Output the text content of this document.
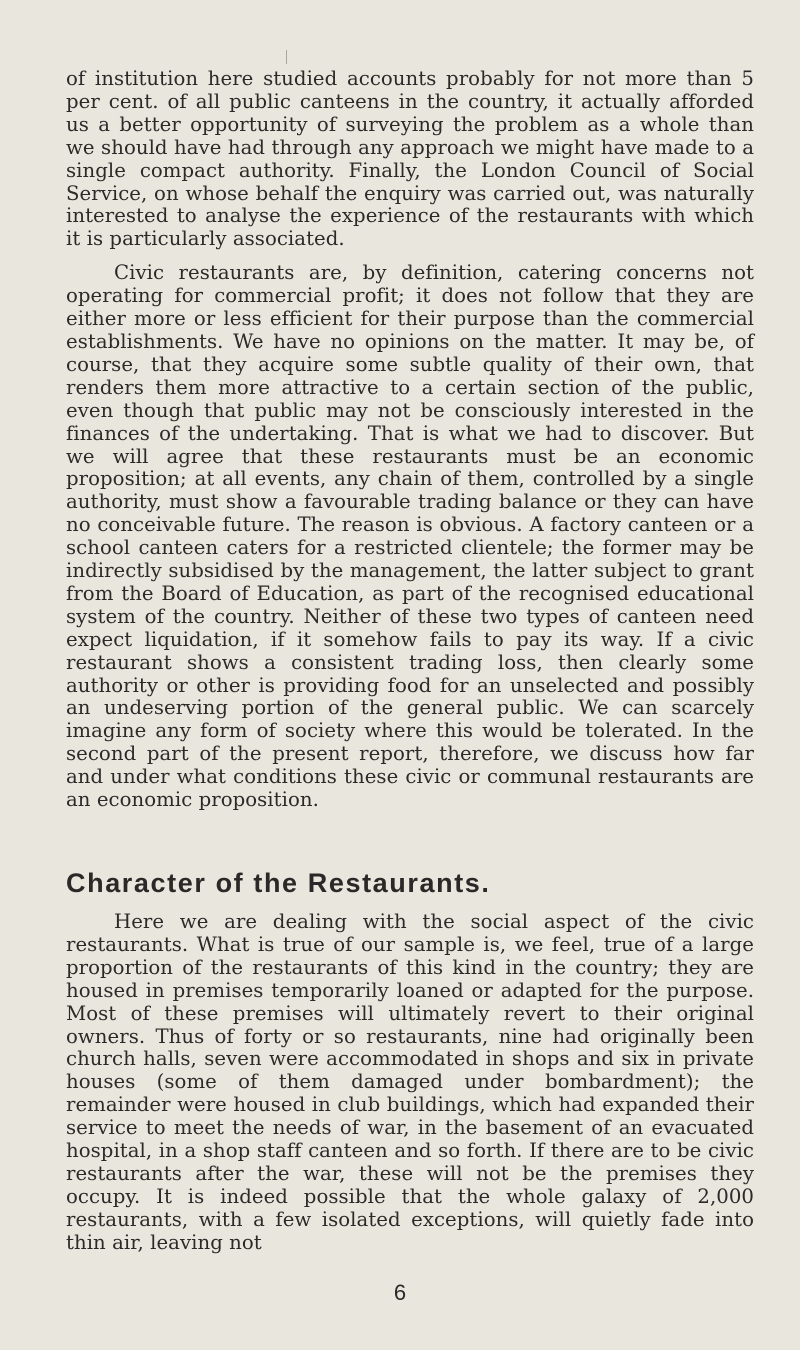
of institution here studied accounts probably for not more than 5 per cent. of all public canteens in the country, it actually afforded us a better opportunity of surveying the problem as a whole than we should have had through any approach we might have made to a single compact authority. Finally, the London Council of Social Service, on whose behalf the enquiry was carried out, was naturally interested to analyse the experience of the restaurants with which it is particularly associated.

Civic restaurants are, by definition, catering concerns not operating for commercial profit; it does not follow that they are either more or less efficient for their purpose than the commercial establishments. We have no opinions on the matter. It may be, of course, that they acquire some subtle quality of their own, that renders them more attractive to a certain section of the public, even though that public may not be consciously interested in the finances of the undertaking. That is what we had to discover. But we will agree that these restaurants must be an economic proposition; at all events, any chain of them, controlled by a single authority, must show a favourable trading balance or they can have no conceivable future. The reason is obvious. A factory canteen or a school canteen caters for a restricted clientele; the former may be indirectly subsidised by the management, the latter subject to grant from the Board of Education, as part of the recognised educational system of the country. Neither of these two types of canteen need expect liquidation, if it somehow fails to pay its way. If a civic restaurant shows a consistent trading loss, then clearly some authority or other is providing food for an unselected and possibly an undeserving portion of the general public. We can scarcely imagine any form of society where this would be tolerated. In the second part of the present report, therefore, we discuss how far and under what conditions these civic or communal restaurants are an economic proposition.

Character of the Restaurants.

Here we are dealing with the social aspect of the civic restaurants. What is true of our sample is, we feel, true of a large proportion of the restaurants of this kind in the country; they are housed in premises temporarily loaned or adapted for the purpose. Most of these premises will ultimately revert to their original owners. Thus of forty or so restaurants, nine had originally been church halls, seven were accommodated in shops and six in private houses (some of them damaged under bombardment); the remainder were housed in club buildings, which had expanded their service to meet the needs of war, in the basement of an evacuated hospital, in a shop staff canteen and so forth. If there are to be civic restaurants after the war, these will not be the premises they occupy. It is indeed possible that the whole galaxy of 2,000 restaurants, with a few isolated exceptions, will quietly fade into thin air, leaving not

6
